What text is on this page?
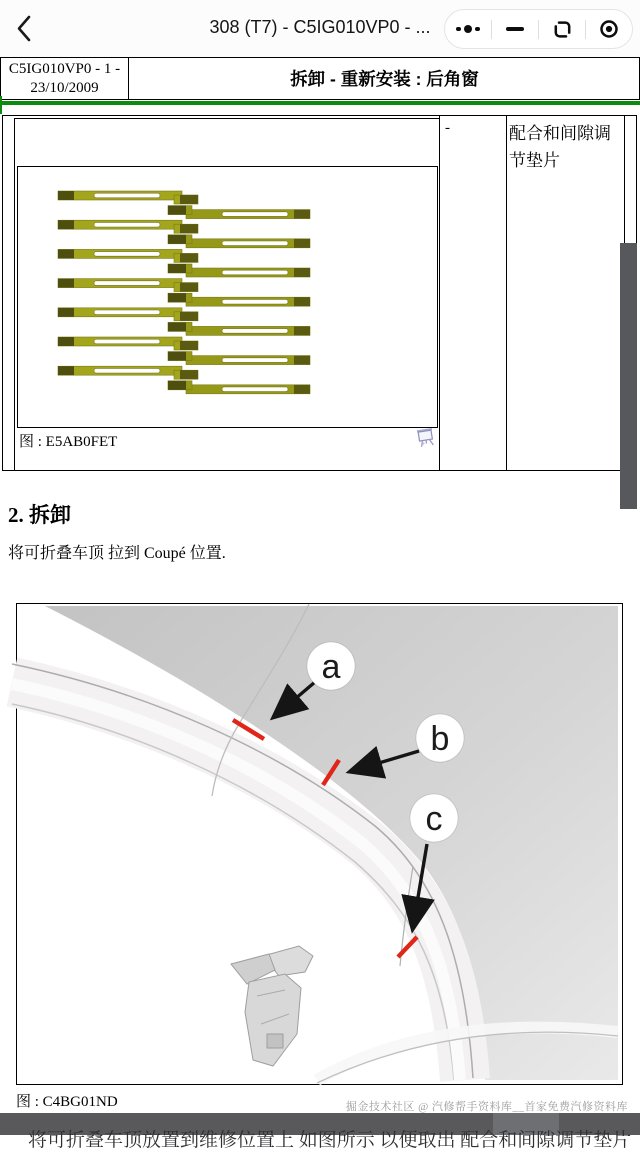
308 (T7) - C5IG010VP0 - ...
C5IG010VP0 - 1 -
23/10/2009	拆卸 - 重新安装 : 后角窗
图 : E5AB0FET
-	配合和间隙调节垫片
2. 拆卸
将可折叠车顶 拉到 Coupé 位置.
a
b
c
图 : C4BG01ND	掘金技术社区 @ 汽修帮手资料库__首家免费汽修资料库
将可折叠车顶放置到维修位置上 如图所示 以便取出 配合和间隙调节垫片
